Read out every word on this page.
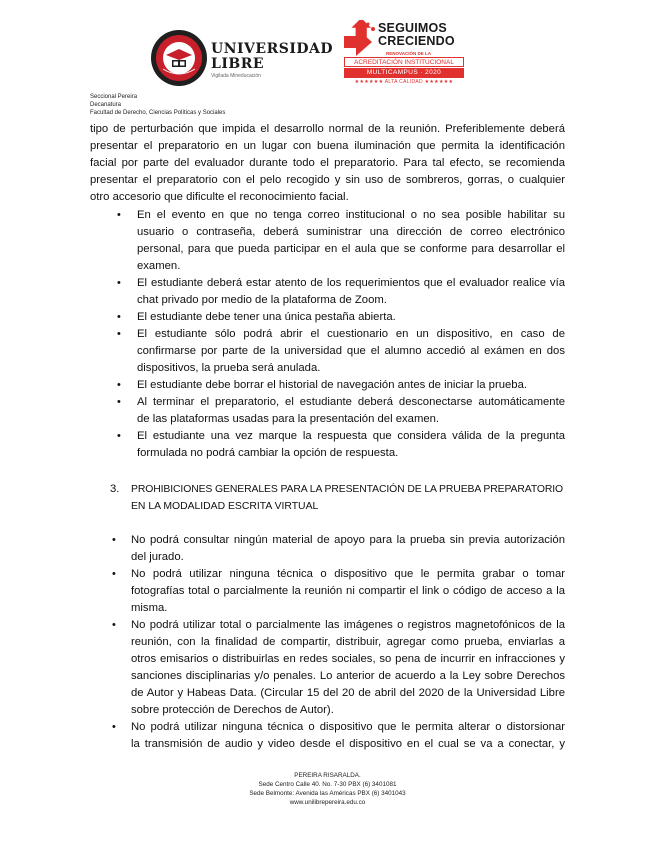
UNIVERSIDAD
LIBRE
Vigilada Mineducación
SEGUIMOS
CRECIENDO
RENOVACIÓN DE LA
ACREDITACIÓN INSTITUCIONAL
MULTICAMPUS · 2020
★★★★★★ ALTA CALIDAD ★★★★★★
Seccional Pereira
Decanatura
Facultad de Derecho, Ciencias Políticas y Sociales
tipo de perturbación que impida el desarrollo normal de la reunión. Preferiblemente deberá
presentar el preparatorio en un lugar con buena iluminación que permita la identificación
facial por parte del evaluador durante todo el preparatorio. Para tal efecto, se recomienda
presentar el preparatorio con el pelo recogido y sin uso de sombreros, gorras, o cualquier
otro accesorio que dificulte el reconocimiento facial.
• En el evento en que no tenga correo institucional o no sea posible habilitar su
usuario o contraseña, deberá suministrar una dirección de correo electrónico
personal, para que pueda participar en el aula que se conforme para desarrollar el
examen.
• El estudiante deberá estar atento de los requerimientos que el evaluador realice vía
chat privado por medio de la plataforma de Zoom.
• El estudiante debe tener una única pestaña abierta.
• El estudiante sólo podrá abrir el cuestionario en un dispositivo, en caso de
confirmarse por parte de la universidad que el alumno accedió al exámen en dos
dispositivos, la prueba será anulada.
• El estudiante debe borrar el historial de navegación antes de iniciar la prueba.
• Al terminar el preparatorio, el estudiante deberá desconectarse automáticamente
de las plataformas usadas para la presentación del examen.
• El estudiante una vez marque la respuesta que considera válida de la pregunta
formulada no podrá cambiar la opción de respuesta.
3. PROHIBICIONES GENERALES PARA LA PRESENTACIÓN DE LA PRUEBA PREPARATORIO
EN LA MODALIDAD ESCRITA VIRTUAL
• No podrá consultar ningún material de apoyo para la prueba sin previa autorización
del jurado.
• No podrá utilizar ninguna técnica o dispositivo que le permita grabar o tomar
fotografías total o parcialmente la reunión ni compartir el link o código de acceso a la
misma.
• No podrá utilizar total o parcialmente las imágenes o registros magnetofónicos de la
reunión, con la finalidad de compartir, distribuir, agregar como prueba, enviarlas a
otros emisarios o distribuirlas en redes sociales, so pena de incurrir en infracciones y
sanciones disciplinarias y/o penales. Lo anterior de acuerdo a la Ley sobre Derechos
de Autor y Habeas Data. (Circular 15 del 20 de abril del 2020 de la Universidad Libre
sobre protección de Derechos de Autor).
• No podrá utilizar ninguna técnica o dispositivo que le permita alterar o distorsionar
la transmisión de audio y video desde el dispositivo en el cual se va a conectar, y
PEREIRA RISARALDA.
Sede Centro Calle 40. No. 7-30 PBX (6) 3401081
Sede Belmonte: Avenida las Américas PBX (6) 3401043
www.unilibrepereira.edu.co
